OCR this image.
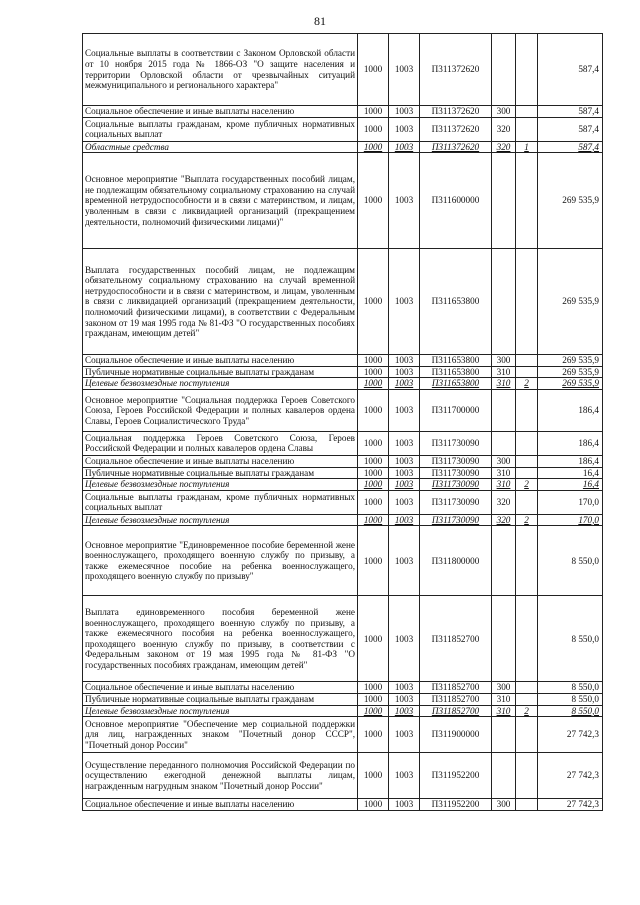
81
Социальные выплаты в соответствии с Законом Орловской области от 10 ноября 2015 года № 1866-ОЗ "О защите населения и территории Орловской области от чрезвычайных ситуаций межмуниципального и регионального характера"	1000	1003	П311372620			587,4
Социальное обеспечение и иные выплаты населению	1000	1003	П311372620	300		587,4
Социальные выплаты гражданам, кроме публичных нормативных социальных выплат	1000	1003	П311372620	320		587,4
Областные средства	1000	1003	П311372620	320	1	587,4
Основное мероприятие "Выплата государственных пособий лицам, не подлежащим обязательному социальному страхованию на случай временной нетрудоспособности и в связи с материнством, и лицам, уволенным в связи с ликвидацией организаций (прекращением деятельности, полномочий физическими лицами)"	1000	1003	П311600000			269 535,9
Выплата государственных пособий лицам, не подлежащим обязательному социальному страхованию на случай временной нетрудоспособности и в связи с материнством, и лицам, уволенным в связи с ликвидацией организаций (прекращением деятельности, полномочий физическими лицами), в соответствии с Федеральным законом от 19 мая 1995 года № 81-ФЗ "О государственных пособиях гражданам, имеющим детей"	1000	1003	П311653800			269 535,9
Социальное обеспечение и иные выплаты населению	1000	1003	П311653800	300		269 535,9
Публичные нормативные социальные выплаты гражданам	1000	1003	П311653800	310		269 535,9
Целевые безвозмездные поступления	1000	1003	П311653800	310	2	269 535,9
Основное мероприятие "Социальная поддержка Героев Советского Союза, Героев Российской Федерации и полных кавалеров ордена Славы, Героев Социалистического Труда"	1000	1003	П311700000			186,4
Социальная поддержка Героев Советского Союза, Героев Российской Федерации и полных кавалеров ордена Славы	1000	1003	П311730090			186,4
Социальное обеспечение и иные выплаты населению	1000	1003	П311730090	300		186,4
Публичные нормативные социальные выплаты гражданам	1000	1003	П311730090	310		16,4
Целевые безвозмездные поступления	1000	1003	П311730090	310	2	16,4
Социальные выплаты гражданам, кроме публичных нормативных социальных выплат	1000	1003	П311730090	320		170,0
Целевые безвозмездные поступления	1000	1003	П311730090	320	2	170,0
Основное мероприятие "Единовременное пособие беременной жене военнослужащего, проходящего военную службу по призыву, а также ежемесячное пособие на ребенка военнослужащего, проходящего военную службу по призыву"	1000	1003	П311800000			8 550,0
Выплата единовременного пособия беременной жене военнослужащего, проходящего военную службу по призыву, а также ежемесячного пособия на ребенка военнослужащего, проходящего военную службу по призыву, в соответствии с Федеральным законом от 19 мая 1995 года № 81-ФЗ "О государственных пособиях гражданам, имеющим детей"	1000	1003	П311852700			8 550,0
Социальное обеспечение и иные выплаты населению	1000	1003	П311852700	300		8 550,0
Публичные нормативные социальные выплаты гражданам	1000	1003	П311852700	310		8 550,0
Целевые безвозмездные поступления	1000	1003	П311852700	310	2	8 550,0
Основное мероприятие "Обеспечение мер социальной поддержки для лиц, награжденных знаком "Почетный донор СССР", "Почетный донор России"	1000	1003	П311900000			27 742,3
Осуществление переданного полномочия Российской Федерации по осуществлению ежегодной денежной выплаты лицам, награжденным нагрудным знаком "Почетный донор России"	1000	1003	П311952200			27 742,3
Социальное обеспечение и иные выплаты населению	1000	1003	П311952200	300		27 742,3
